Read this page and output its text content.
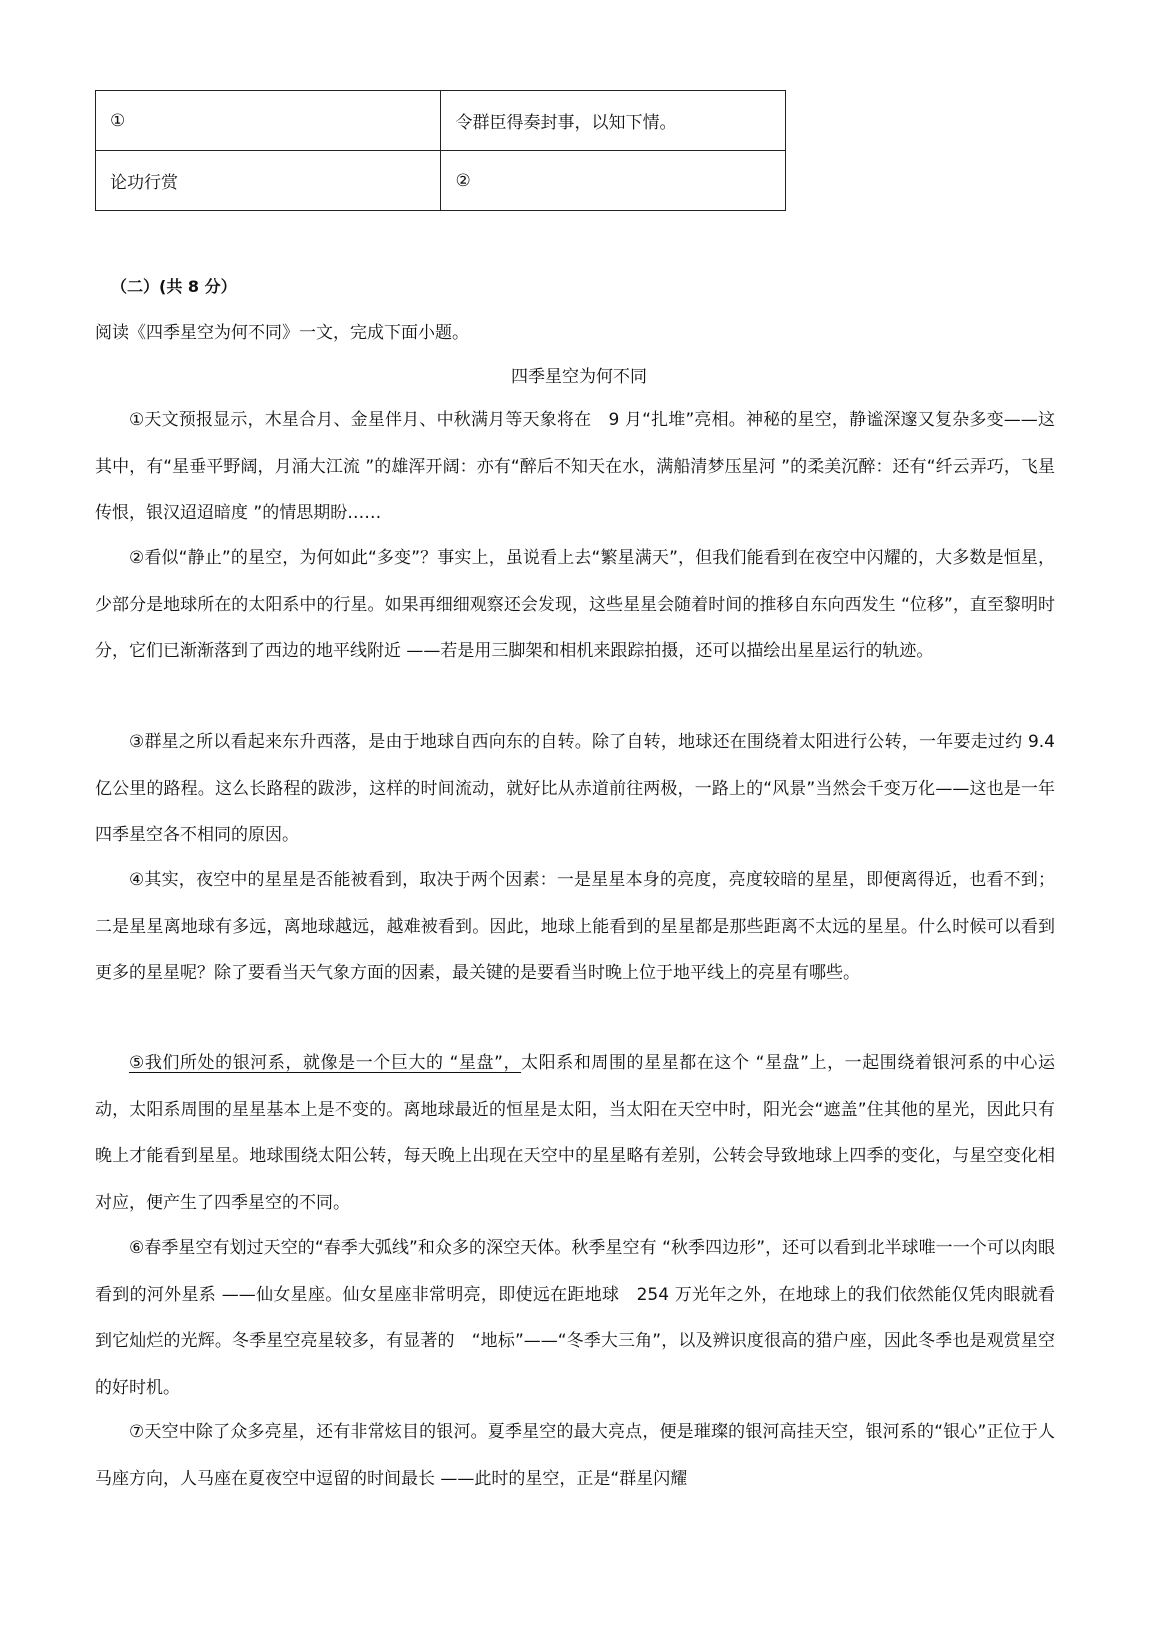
①	令群臣得奏封事，以知下情。
论功行赏	②
（二）(共 8 分）
阅读《四季星空为何不同》一文，完成下面小题。
四季星空为何不同

①天文预报显示，木星合月、金星伴月、中秋满月等天象将在　9 月“扎堆”亮相。神秘的星空，静谧深邃又复杂多变——这其中，有“星垂平野阔，月涌大江流 ”的雄浑开阔：亦有“醉后不知天在水，满船清梦压星河 ”的柔美沉醉：还有“纤云弄巧，飞星传恨，银汉迢迢暗度 ”的情思期盼……

②看似“静止”的星空，为何如此“多变”？事实上，虽说看上去“繁星满天”，但我们能看到在夜空中闪耀的，大多数是恒星，少部分是地球所在的太阳系中的行星。如果再细细观察还会发现，这些星星会随着时间的推移自东向西发生 “位移”，直至黎明时分，它们已渐渐落到了西边的地平线附近 ——若是用三脚架和相机来跟踪拍摄，还可以描绘出星星运行的轨迹。

③群星之所以看起来东升西落，是由于地球自西向东的自转。除了自转，地球还在围绕着太阳进行公转，一年要走过约 9.4 亿公里的路程。这么长路程的跋涉，这样的时间流动，就好比从赤道前往两极，一路上的“风景”当然会千变万化——这也是一年四季星空各不相同的原因。

④其实，夜空中的星星是否能被看到，取决于两个因素：一是星星本身的亮度，亮度较暗的星星，即便离得近，也看不到；二是星星离地球有多远，离地球越远，越难被看到。因此，地球上能看到的星星都是那些距离不太远的星星。什么时候可以看到更多的星星呢？除了要看当天气象方面的因素，最关键的是要看当时晚上位于地平线上的亮星有哪些。

⑤我们所处的银河系，就像是一个巨大的 “星盘”，太阳系和周围的星星都在这个 “星盘”上，一起围绕着银河系的中心运动，太阳系周围的星星基本上是不变的。离地球最近的恒星是太阳，当太阳在天空中时，阳光会“遮盖”住其他的星光，因此只有晚上才能看到星星。地球围绕太阳公转，每天晚上出现在天空中的星星略有差别，公转会导致地球上四季的变化，与星空变化相对应，便产生了四季星空的不同。

⑥春季星空有划过天空的“春季大弧线”和众多的深空天体。秋季星空有 “秋季四边形”，还可以看到北半球唯一一个可以肉眼看到的河外星系 ——仙女星座。仙女星座非常明亮，即使远在距地球　254 万光年之外，在地球上的我们依然能仅凭肉眼就看到它灿烂的光辉。冬季星空亮星较多，有显著的　“地标”——“冬季大三角”，以及辨识度很高的猎户座，因此冬季也是观赏星空的好时机。

⑦天空中除了众多亮星，还有非常炫目的银河。夏季星空的最大亮点，便是璀璨的银河高挂天空，银河系的“银心”正位于人马座方向，人马座在夏夜空中逗留的时间最长 ——此时的星空，正是“群星闪耀
